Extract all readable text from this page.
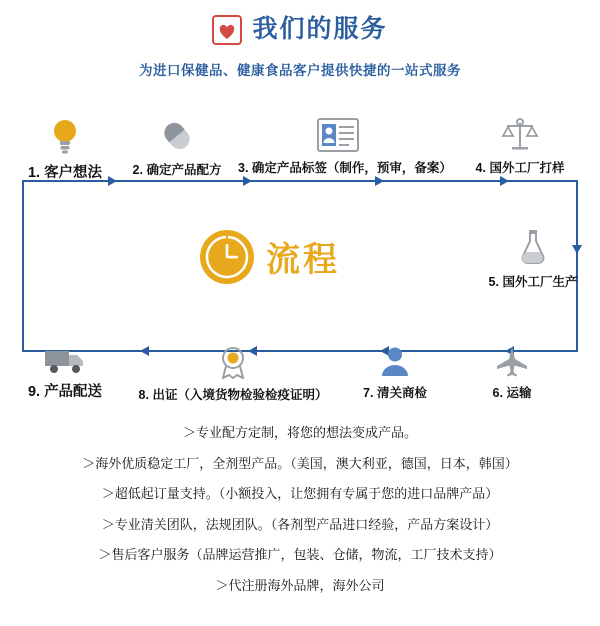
我们的服务
为进口保健品、健康食品客户提供快捷的一站式服务
1. 客户想法	2. 确定产品配方	3. 确定产品标签（制作，预审，备案）	4. 国外工厂打样
5. 国外工厂生产
6. 运输
7. 清关商检
8. 出证（入境货物检验检疫证明）
9. 产品配送
流程
＞专业配方定制，将您的想法变成产品。
＞海外优质稳定工厂，全剂型产品。（美国，澳大利亚，德国，日本，韩国）
＞超低起订量支持。（小额投入，让您拥有专属于您的进口品牌产品）
＞专业清关团队，法规团队。（各剂型产品进口经验，产品方案设计）
＞售后客户服务（品牌运营推广，包装、仓储，物流，工厂技术支持）
＞代注册海外品牌，海外公司
